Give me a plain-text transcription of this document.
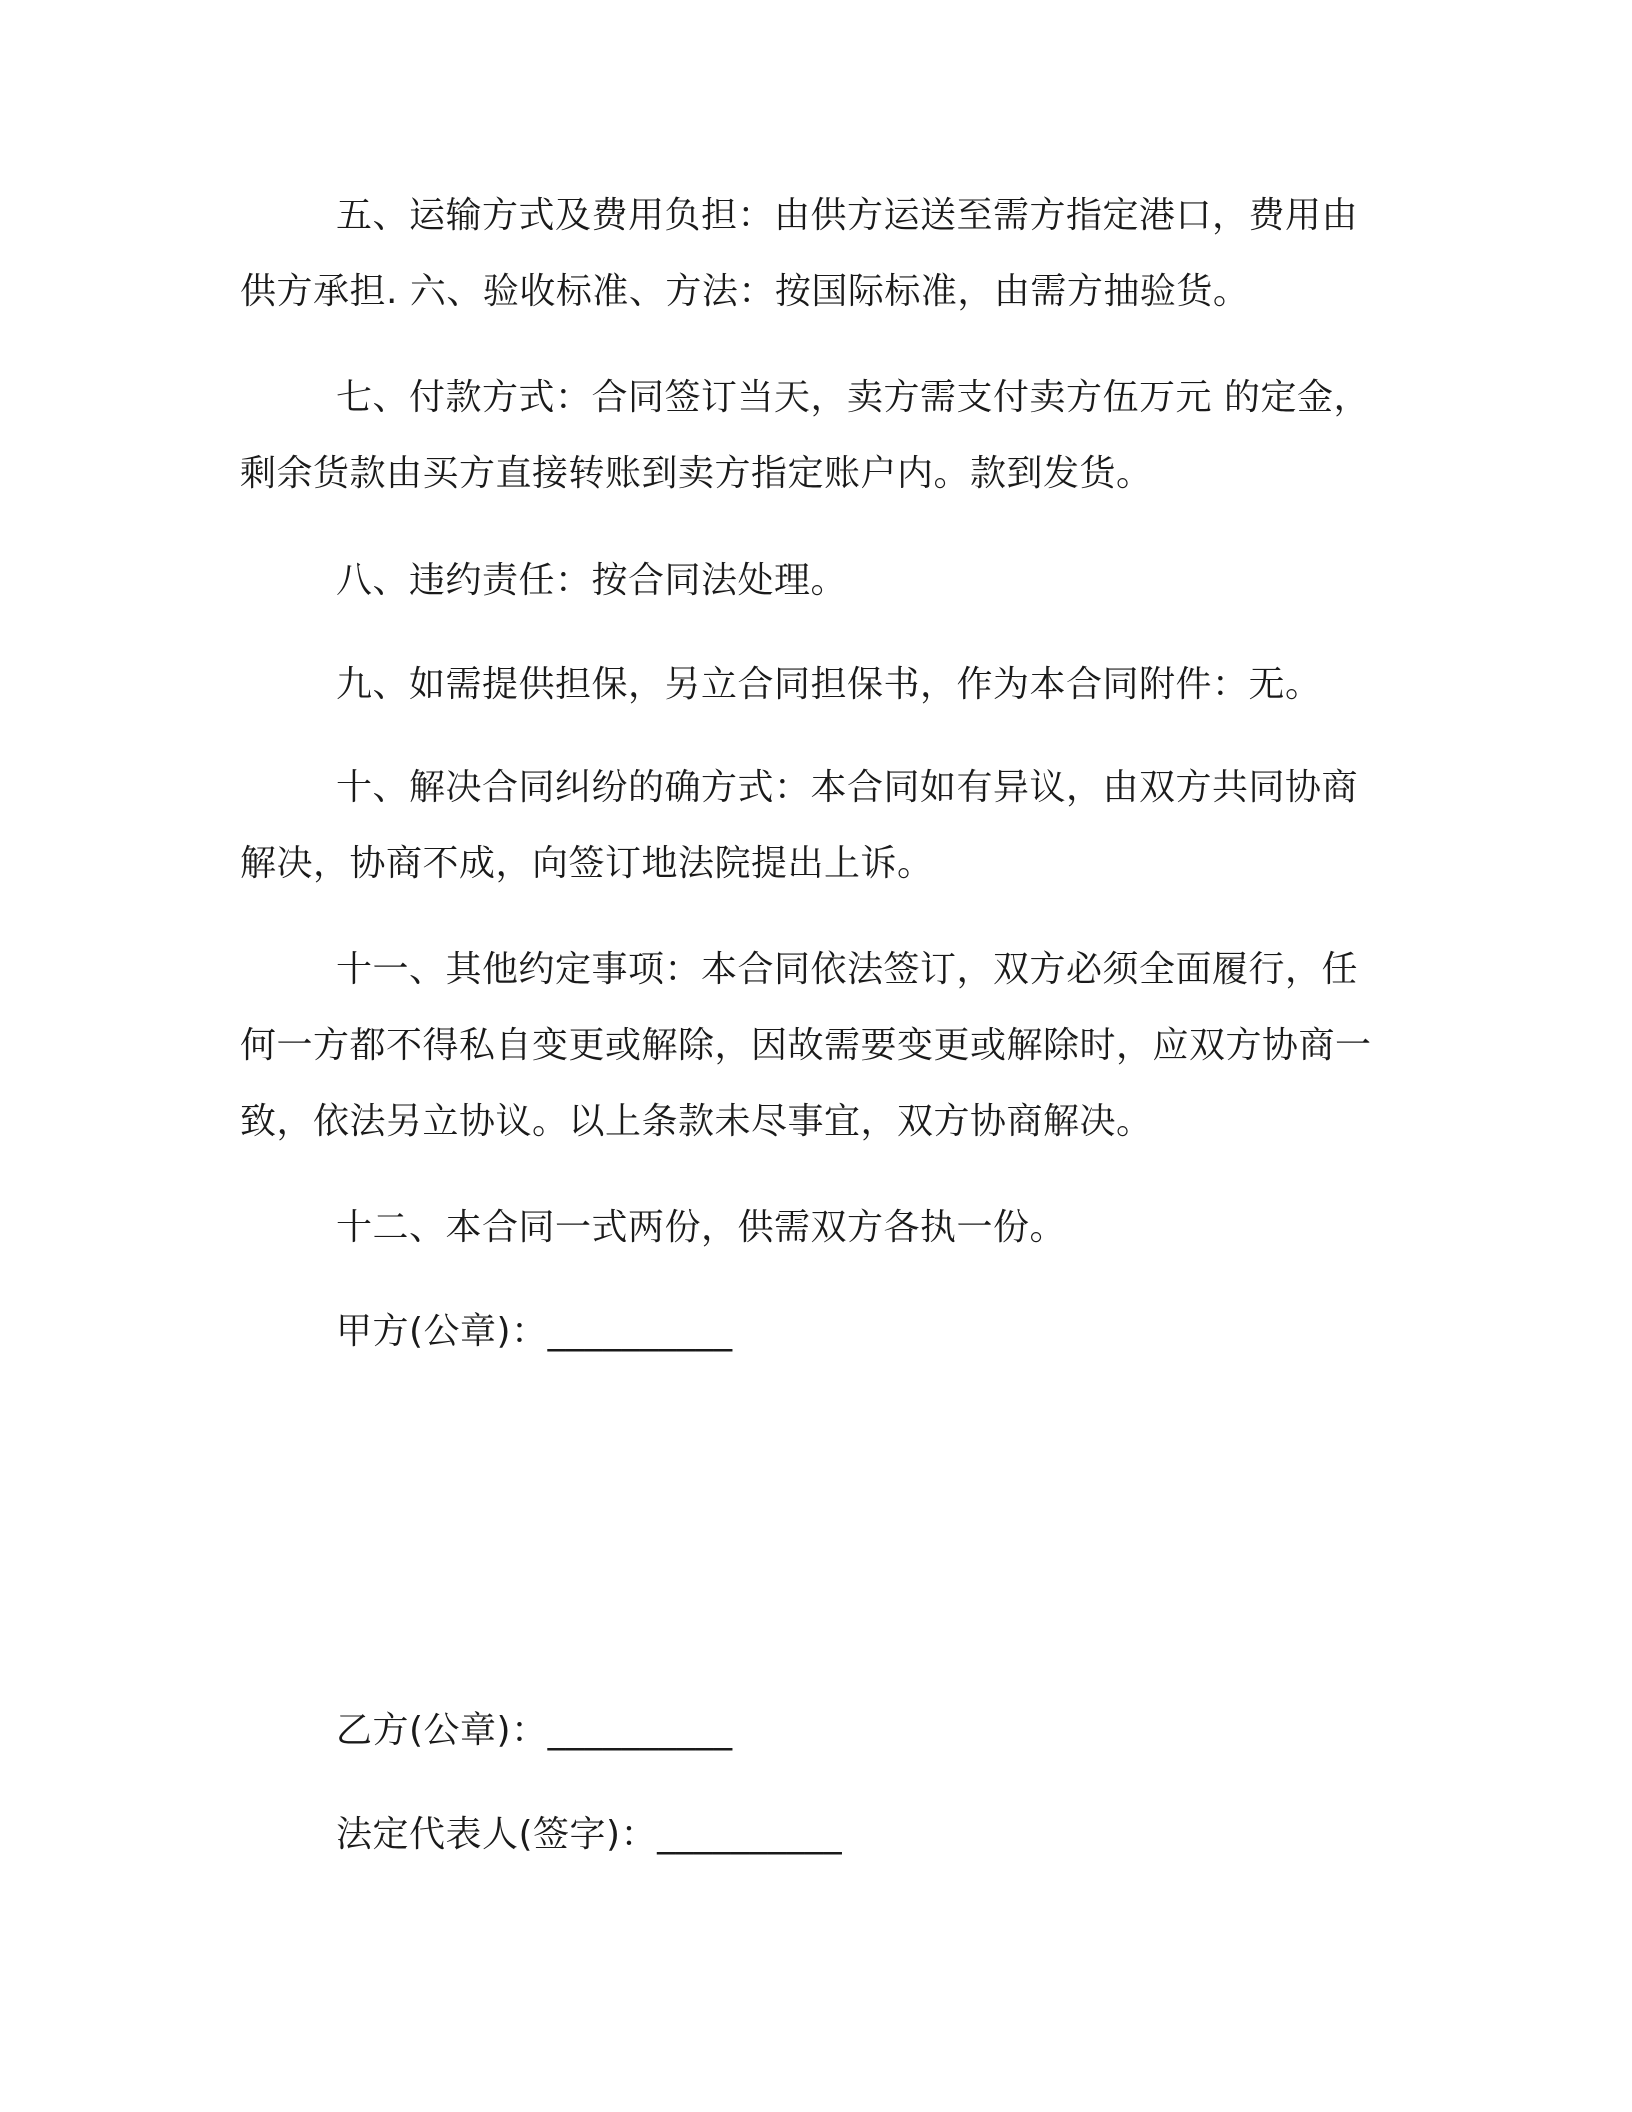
五、运输方式及费用负担：由供方运送至需方指定港口，费用由供方承担. 六、验收标准、方法：按国际标准，由需方抽验货。
七、付款方式：合同签订当天，卖方需支付卖方伍万元 的定金，剩余货款由买方直接转账到卖方指定账户内。款到发货。
八、违约责任：按合同法处理。
九、如需提供担保，另立合同担保书，作为本合同附件：无。
十、解决合同纠纷的确方式：本合同如有异议，由双方共同协商解决，协商不成，向签订地法院提出上诉。
十一、其他约定事项：本合同依法签订，双方必须全面履行，任何一方都不得私自变更或解除，因故需要变更或解除时，应双方协商一致，依法另立协议。以上条款未尽事宜，双方协商解决。
十二、本合同一式两份，供需双方各执一份。
甲方(公章)：__________
乙方(公章)：__________
法定代表人(签字)：__________
